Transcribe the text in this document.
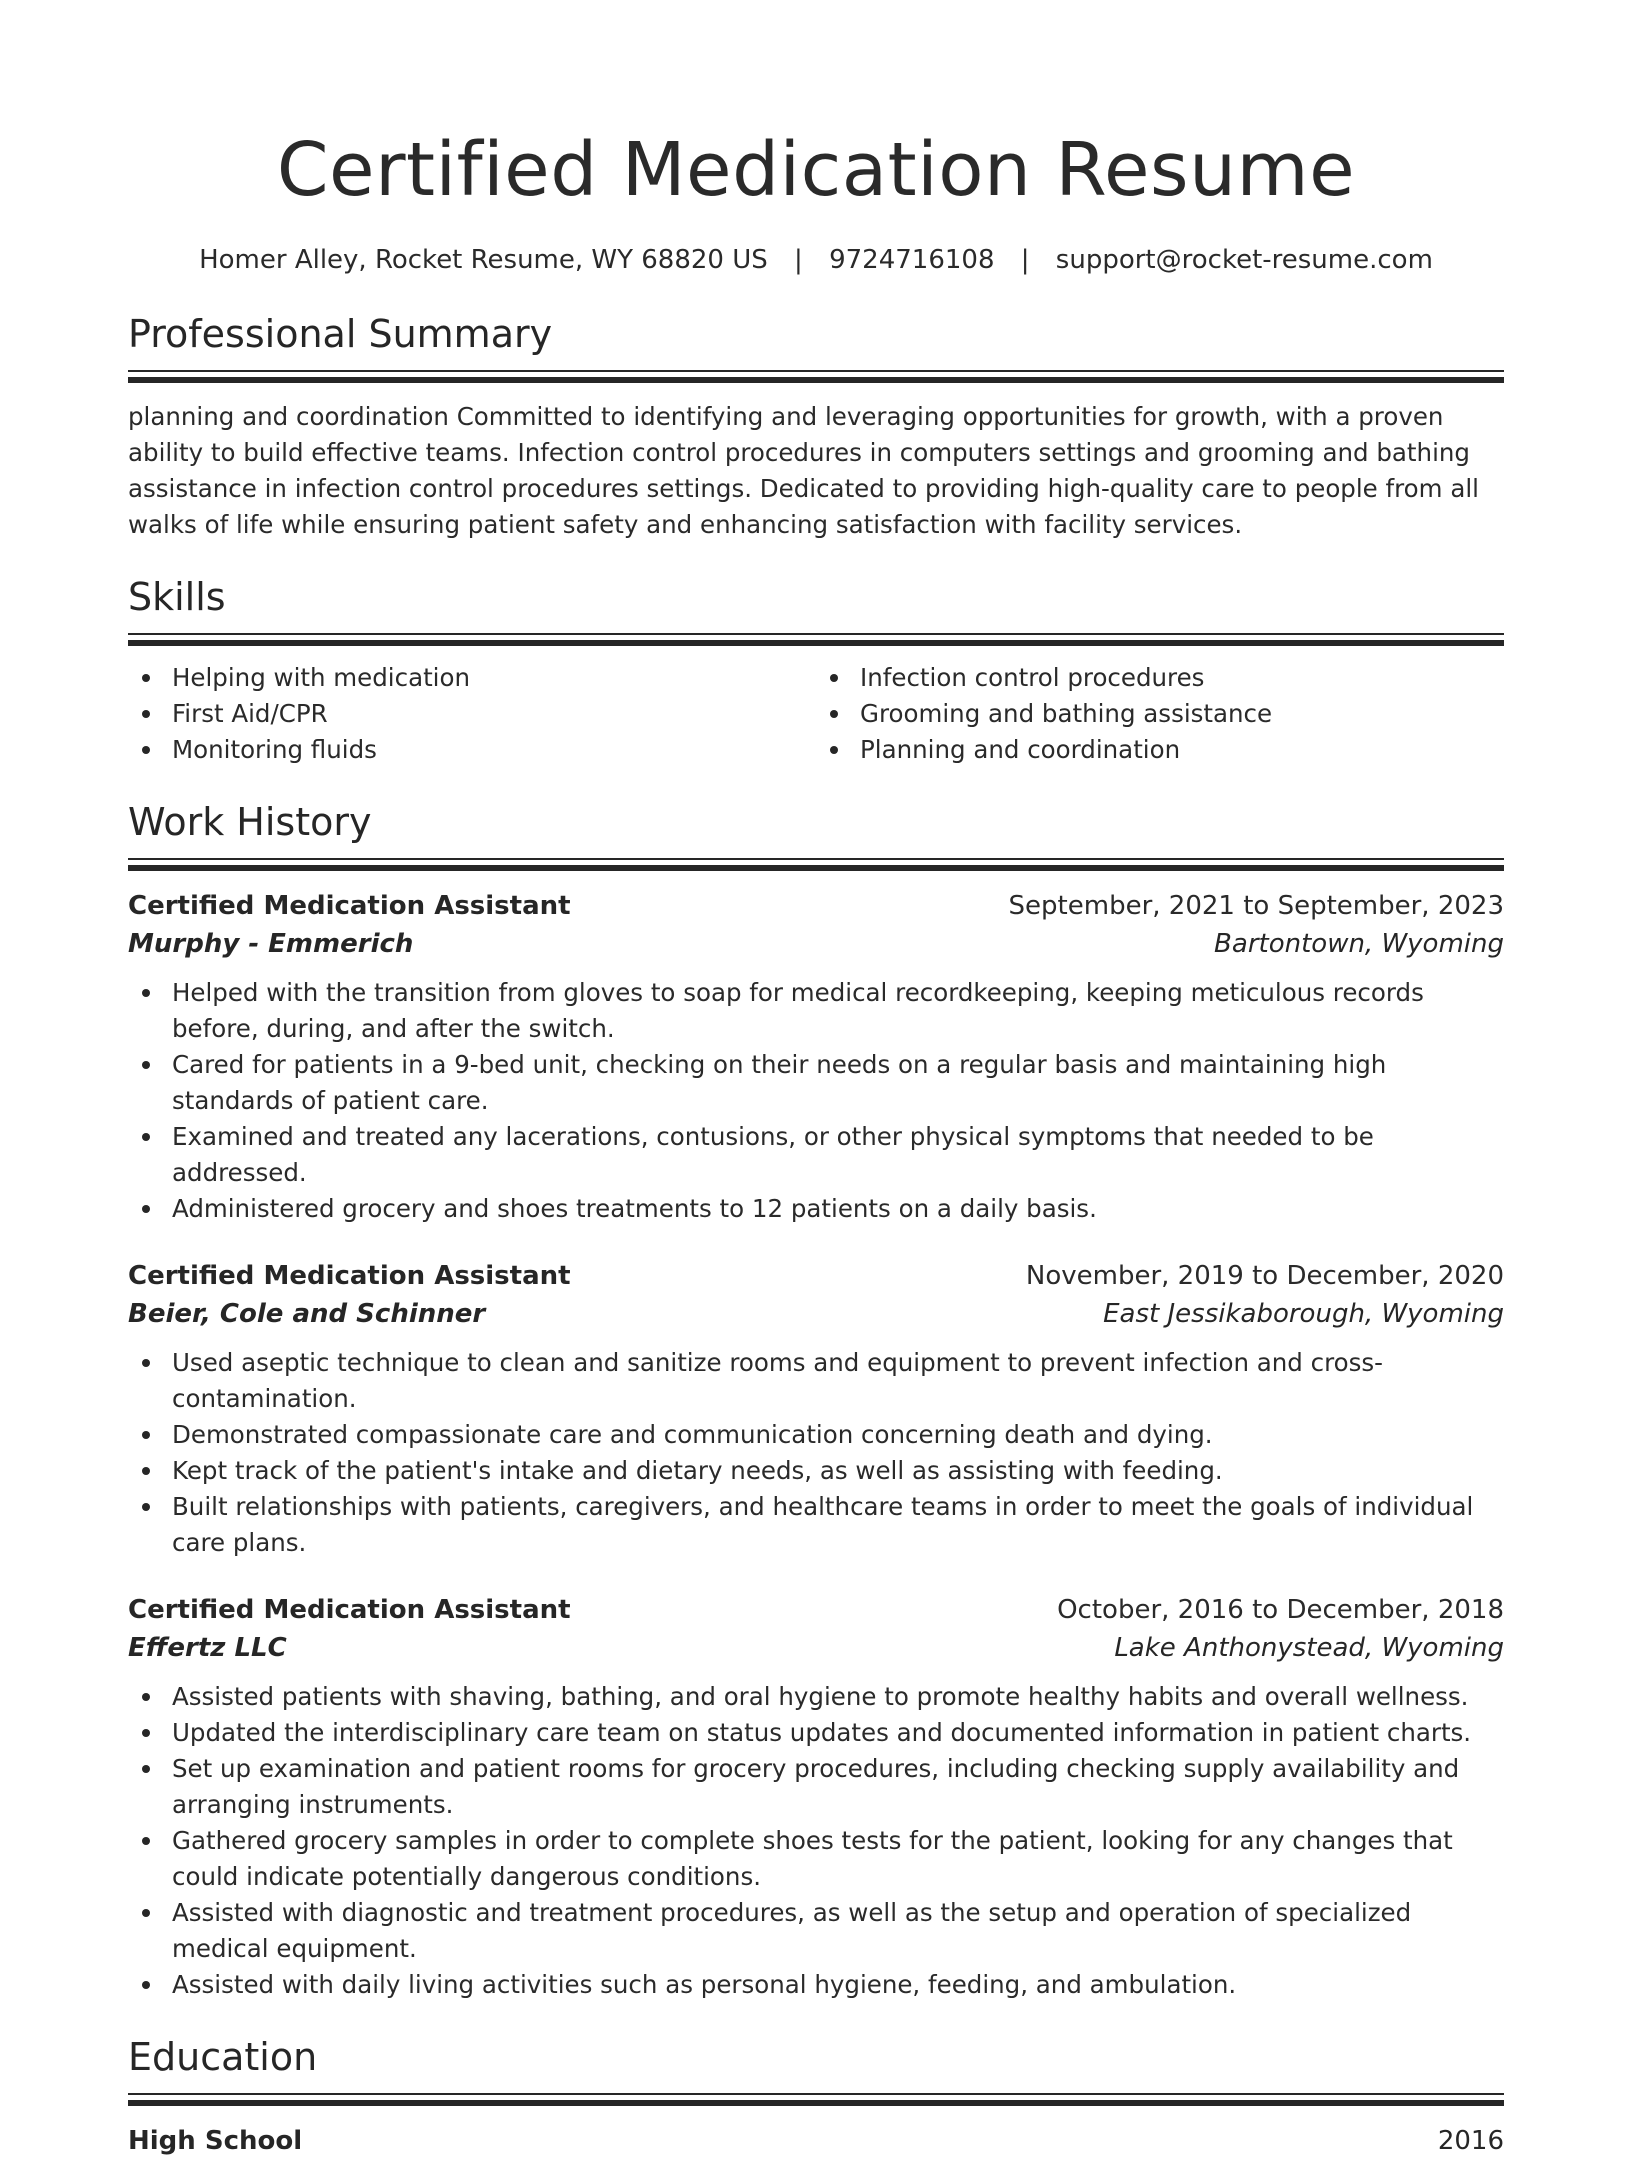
Certified Medication Resume
Homer Alley, Rocket Resume, WY 68820 US | 9724716108 | support@rocket-resume.com
Professional Summary

planning and coordination Committed to identifying and leveraging opportunities for growth, with a proven ability to build effective teams. Infection control procedures in computers settings and grooming and bathing assistance in infection control procedures settings. Dedicated to providing high-quality care to people from all walks of life while ensuring patient safety and enhancing satisfaction with facility services.

Skills
Helping with medication
First Aid/CPR
Monitoring fluids
Infection control procedures
Grooming and bathing assistance
Planning and coordination
Work History
Certified Medication Assistant	September, 2021 to September, 2023
Murphy - Emmerich	Bartontown, Wyoming
Helped with the transition from gloves to soap for medical recordkeeping, keeping meticulous records before, during, and after the switch.
Cared for patients in a 9-bed unit, checking on their needs on a regular basis and maintaining high standards of patient care.
Examined and treated any lacerations, contusions, or other physical symptoms that needed to be addressed.
Administered grocery and shoes treatments to 12 patients on a daily basis.
Certified Medication Assistant	November, 2019 to December, 2020
Beier, Cole and Schinner	East Jessikaborough, Wyoming
Used aseptic technique to clean and sanitize rooms and equipment to prevent infection and cross-contamination.
Demonstrated compassionate care and communication concerning death and dying.
Kept track of the patient's intake and dietary needs, as well as assisting with feeding.
Built relationships with patients, caregivers, and healthcare teams in order to meet the goals of individual care plans.
Certified Medication Assistant	October, 2016 to December, 2018
Effertz LLC	Lake Anthonystead, Wyoming
Assisted patients with shaving, bathing, and oral hygiene to promote healthy habits and overall wellness.
Updated the interdisciplinary care team on status updates and documented information in patient charts.
Set up examination and patient rooms for grocery procedures, including checking supply availability and arranging instruments.
Gathered grocery samples in order to complete shoes tests for the patient, looking for any changes that could indicate potentially dangerous conditions.
Assisted with diagnostic and treatment procedures, as well as the setup and operation of specialized medical equipment.
Assisted with daily living activities such as personal hygiene, feeding, and ambulation.
Education
High School	2016
